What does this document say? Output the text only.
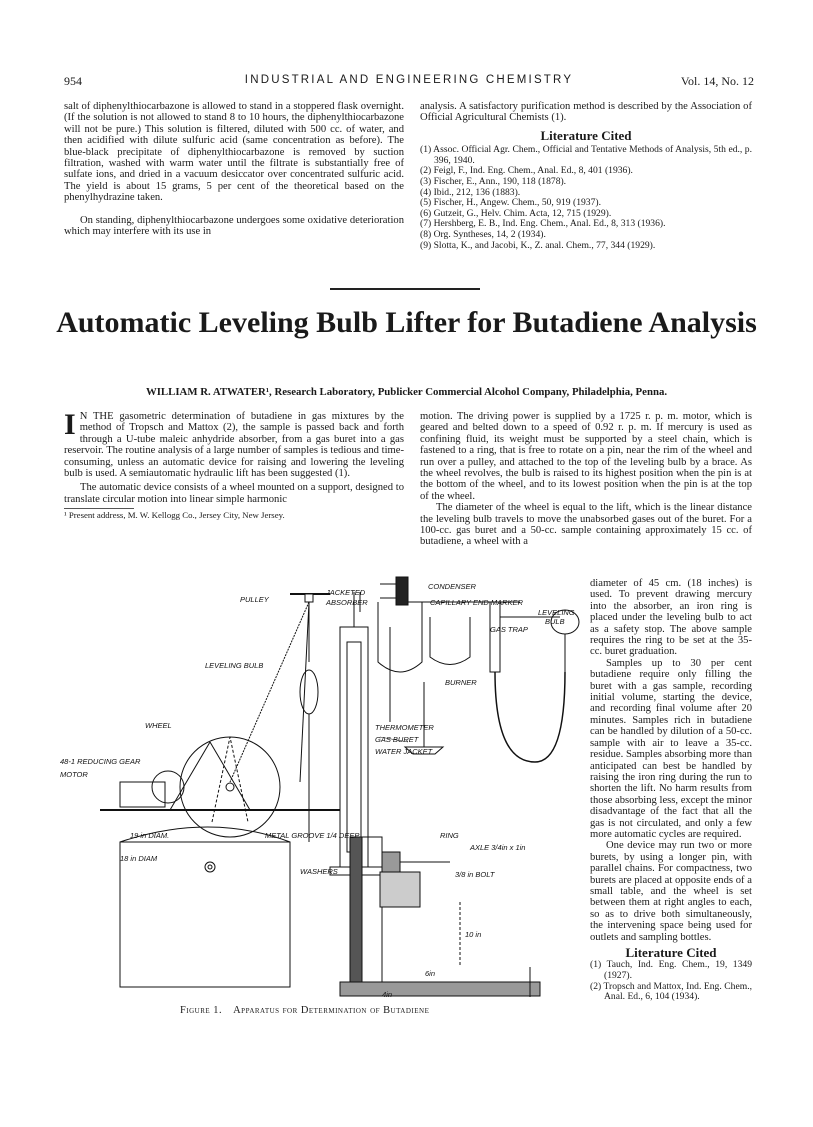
954	INDUSTRIAL AND ENGINEERING CHEMISTRY	Vol. 14, No. 12

salt of diphenylthiocarbazone is allowed to stand in a stoppered flask overnight. (If the solution is not allowed to stand 8 to 10 hours, the diphenylthiocarbazone will not be pure.) This solution is filtered, diluted with 500 cc. of water, and then acidified with dilute sulfuric acid (same concentration as before). The blue-black precipitate of diphenylthiocarbazone is removed by suction filtration, washed with warm water until the filtrate is substantially free of sulfate ions, and dried in a vacuum desiccator over concentrated sulfuric acid. The yield is about 15 grams, 5 per cent of the theoretical based on the phenylhydrazine taken.

On standing, diphenylthiocarbazone undergoes some oxidative deterioration which may interfere with its use in

analysis. A satisfactory purification method is described by the Association of Official Agricultural Chemists (1).

Literature Cited
(1) Assoc. Official Agr. Chem., Official and Tentative Methods of Analysis, 5th ed., p. 396, 1940.
(2) Feigl, F., Ind. Eng. Chem., Anal. Ed., 8, 401 (1936).
(3) Fischer, E., Ann., 190, 118 (1878).
(4) Ibid., 212, 136 (1883).
(5) Fischer, H., Angew. Chem., 50, 919 (1937).
(6) Gutzeit, G., Helv. Chim. Acta, 12, 715 (1929).
(7) Hershberg, E. B., Ind. Eng. Chem., Anal. Ed., 8, 313 (1936).
(8) Org. Syntheses, 14, 2 (1934).
(9) Slotta, K., and Jacobi, K., Z. anal. Chem., 77, 344 (1929).
Automatic Leveling Bulb Lifter for Butadiene Analysis
WILLIAM R. ATWATER¹, Research Laboratory, Publicker Commercial Alcohol Company, Philadelphia, Penna.

I N THE gasometric determination of butadiene in gas mixtures by the method of Tropsch and Mattox (2), the sample is passed back and forth through a U-tube maleic anhydride absorber, from a gas buret into a gas reservoir. The routine analysis of a large number of samples is tedious and time-consuming, unless an automatic device for raising and lowering the leveling bulb is used. A semiautomatic hydraulic lift has been suggested (1).

The automatic device consists of a wheel mounted on a support, designed to translate circular motion into linear simple harmonic

¹ Present address, M. W. Kellogg Co., Jersey City, New Jersey.

motion. The driving power is supplied by a 1725 r. p. m. motor, which is geared and belted down to a speed of 0.92 r. p. m. If mercury is used as confining fluid, its weight must be supported by a steel chain, which is fastened to a ring, that is free to rotate on a pin, near the rim of the wheel and run over a pulley, and attached to the top of the leveling bulb by a brace. As the wheel revolves, the bulb is raised to its highest position when the pin is at the bottom of the wheel, and to its lowest position when the pin is at the top of the wheel.

The diameter of the wheel is equal to the lift, which is the linear distance the leveling bulb travels to move the unabsorbed gases out of the buret. For a 100-cc. gas buret and a 50-cc. sample containing approximately 15 cc. of butadiene, a wheel with a

diameter of 45 cm. (18 inches) is used. To prevent drawing mercury into the absorber, an iron ring is placed under the leveling bulb to act as a safety stop. The above sample requires the ring to be set at the 35-cc. buret graduation.

Samples up to 30 per cent butadiene require only filling the buret with a gas sample, recording initial volume, starting the device, and recording final volume after 20 minutes. Samples rich in butadiene can be handled by dilution of a 50-cc. sample with air to leave a 35-cc. residue. Samples absorbing more than anticipated can best be handled by raising the iron ring during the run to shorten the lift. No harm results from those absorbing less, except the minor disadvantage of the fact that all the gas is not circulated, and only a few more automatic cycles are required.

One device may run two or more burets, by using a longer pin, with parallel chains. For compactness, two burets are placed at opposite ends of a small table, and the wheel is set between them at right angles to each, so as to drive both simultaneously, the intervening space being used for outlets and sampling bottles.

Literature Cited
(1) Tauch, Ind. Eng. Chem., 19, 1349 (1927).
(2) Tropsch and Mattox, Ind. Eng. Chem., Anal. Ed., 6, 104 (1934).
PULLEY
JACKETED
ABSORBER
CONDENSER
CAPILLARY END MARKER
LEVELING
BULB
GAS TRAP
LEVELING BULB
BURNER
WHEEL	THERMOMETER
GAS BURET
WATER JACKET
48-1 REDUCING GEAR
MOTOR
19 in DIAM.
18 in DIAM
METAL GROOVE 1/4 DEEP	RING
AXLE 3/4in x 1in
WASHERS	3/8 in BOLT
6in
10 in
4in
Figure 1. Apparatus for Determination of Butadiene
